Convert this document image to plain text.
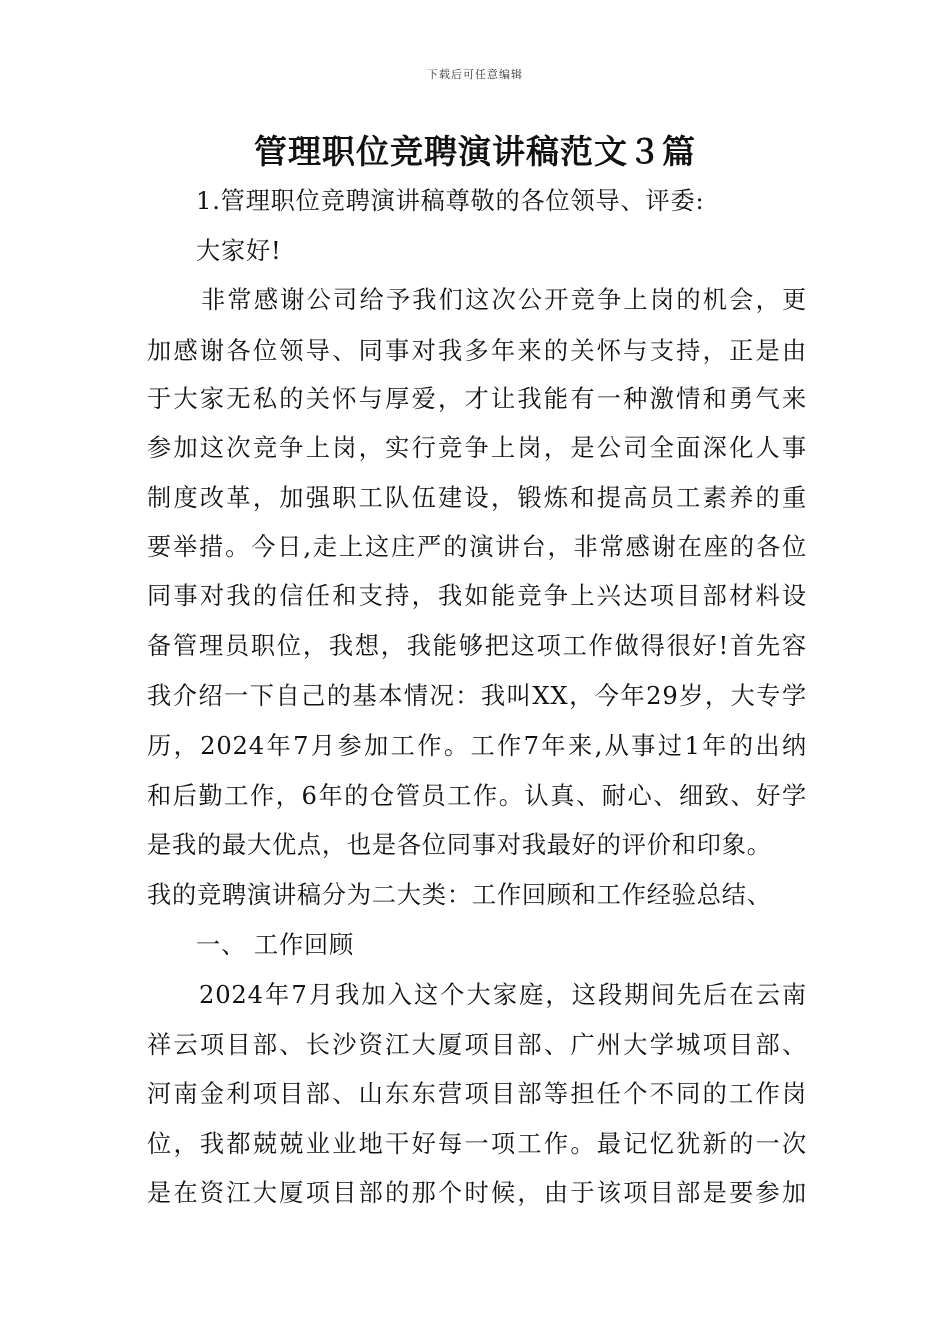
下载后可任意编辑
管理职位竞聘演讲稿范文３篇
1.管理职位竞聘演讲稿尊敬的各位领导、评委:
大家好!
非常感谢公司给予我们这次公开竞争上岗的机会，更
加感谢各位领导、同事对我多年来的关怀与支持，正是由
于大家无私的关怀与厚爱，才让我能有一种激情和勇气来
参加这次竞争上岗，实行竞争上岗，是公司全面深化人事
制度改革，加强职工队伍建设，锻炼和提高员工素养的重
要举措。今日,走上这庄严的演讲台，非常感谢在座的各位
同事对我的信任和支持，我如能竞争上兴达项目部材料设
备管理员职位，我想，我能够把这项工作做得很好!首先容
我介绍一下自己的基本情况：我叫XX，今年29岁，大专学
历，2024年7月参加工作。工作7年来,从事过1年的出纳
和后勤工作，6年的仓管员工作。认真、耐心、细致、好学
是我的最大优点，也是各位同事对我最好的评价和印象。
我的竞聘演讲稿分为二大类：工作回顾和工作经验总结、
一、 工作回顾
2024年7月我加入这个大家庭，这段期间先后在云南
祥云项目部、长沙资江大厦项目部、广州大学城项目部、
河南金利项目部、山东东营项目部等担任个不同的工作岗
位，我都兢兢业业地干好每一项工作。最记忆犹新的一次
是在资江大厦项目部的那个时候，由于该项目部是要参加
